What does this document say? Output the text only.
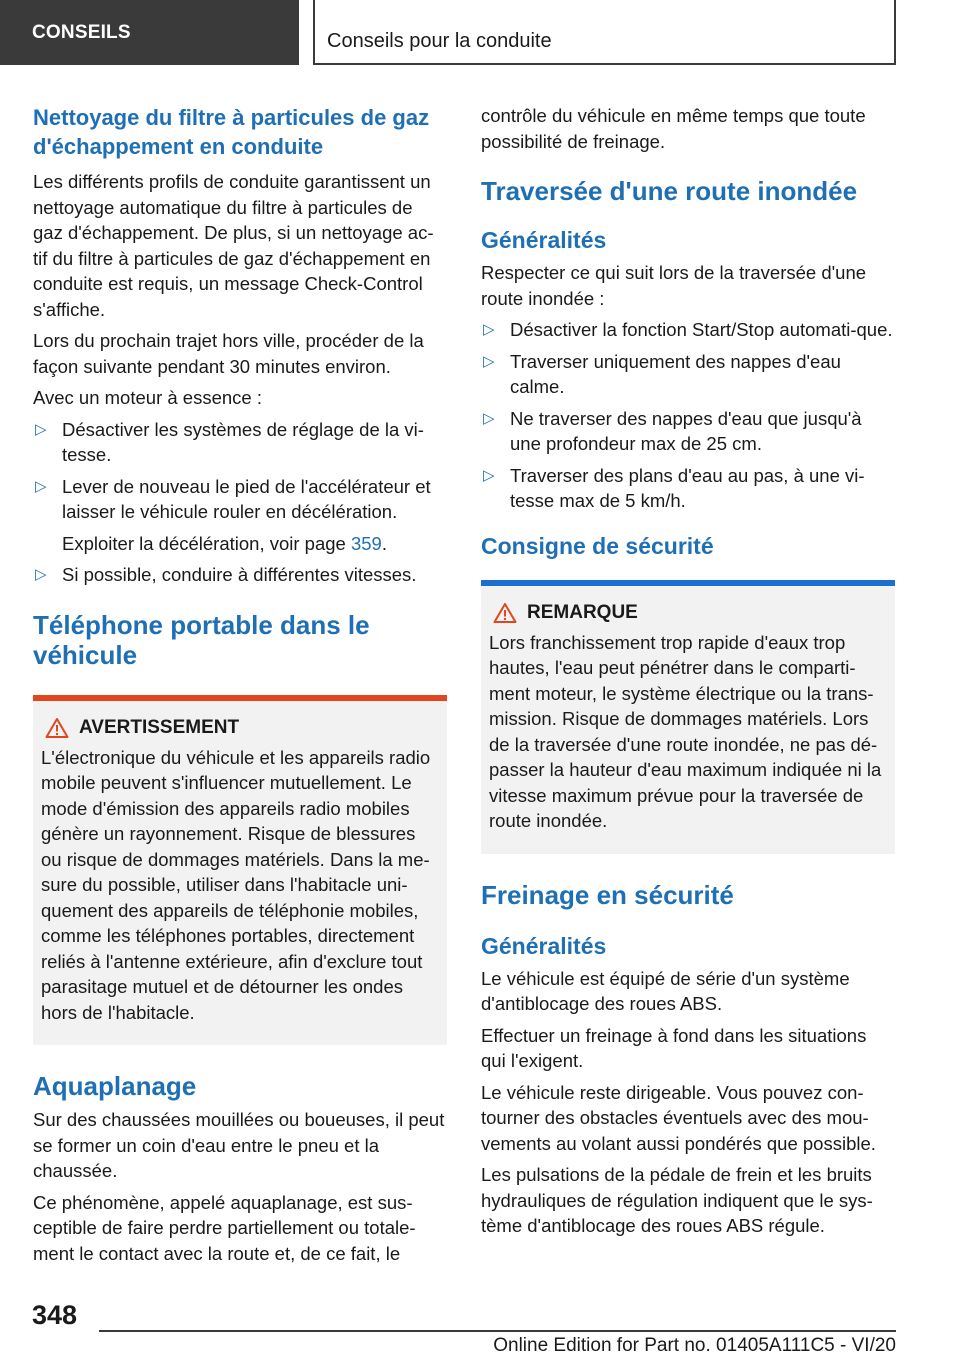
CONSEILS	Conseils pour la conduite
Nettoyage du filtre à particules de gaz d'échappement en conduite

Les différents profils de conduite garantissent un nettoyage automatique du filtre à particules de gaz d'échappement. De plus, si un nettoyage ac-tif du filtre à particules de gaz d'échappement en conduite est requis, un message Check-Control s'affiche.

Lors du prochain trajet hors ville, procéder de la façon suivante pendant 30 minutes environ.

Avec un moteur à essence :

▷ Désactiver les systèmes de réglage de la vi-tesse.
▷ Lever de nouveau le pied de l'accélérateur et laisser le véhicule rouler en décélération.
Exploiter la décélération, voir page 359.
▷ Si possible, conduire à différentes vitesses.
Téléphone portable dans le véhicule
AVERTISSEMENT

L'électronique du véhicule et les appareils radio mobile peuvent s'influencer mutuellement. Le mode d'émission des appareils radio mobiles génère un rayonnement. Risque de blessures ou risque de dommages matériels. Dans la me-sure du possible, utiliser dans l'habitacle uni-quement des appareils de téléphonie mobiles, comme les téléphones portables, directement reliés à l'antenne extérieure, afin d'exclure tout parasitage mutuel et de détourner les ondes hors de l'habitacle.

Aquaplanage

Sur des chaussées mouillées ou boueuses, il peut se former un coin d'eau entre le pneu et la chaussée.

Ce phénomène, appelé aquaplanage, est sus-ceptible de faire perdre partiellement ou totale-ment le contact avec la route et, de ce fait, le

contrôle du véhicule en même temps que toute possibilité de freinage.

Traversée d'une route inondée
Généralités

Respecter ce qui suit lors de la traversée d'une route inondée :

▷ Désactiver la fonction Start/Stop automati-que.
▷ Traverser uniquement des nappes d'eau calme.
▷ Ne traverser des nappes d'eau que jusqu'à une profondeur max de 25 cm.
▷ Traverser des plans d'eau au pas, à une vi-tesse max de 5 km/h.
Consigne de sécurité
REMARQUE

Lors franchissement trop rapide d'eaux trop hautes, l'eau peut pénétrer dans le comparti-ment moteur, le système électrique ou la trans-mission. Risque de dommages matériels. Lors de la traversée d'une route inondée, ne pas dé-passer la hauteur d'eau maximum indiquée ni la vitesse maximum prévue pour la traversée de route inondée.

Freinage en sécurité
Généralités

Le véhicule est équipé de série d'un système d'antiblocage des roues ABS.

Effectuer un freinage à fond dans les situations qui l'exigent.

Le véhicule reste dirigeable. Vous pouvez con-tourner des obstacles éventuels avec des mou-vements au volant aussi pondérés que possible.

Les pulsations de la pédale de frein et les bruits hydrauliques de régulation indiquent que le sys-tème d'antiblocage des roues ABS régule.

348
Online Edition for Part no. 01405A111C5 - VI/20
